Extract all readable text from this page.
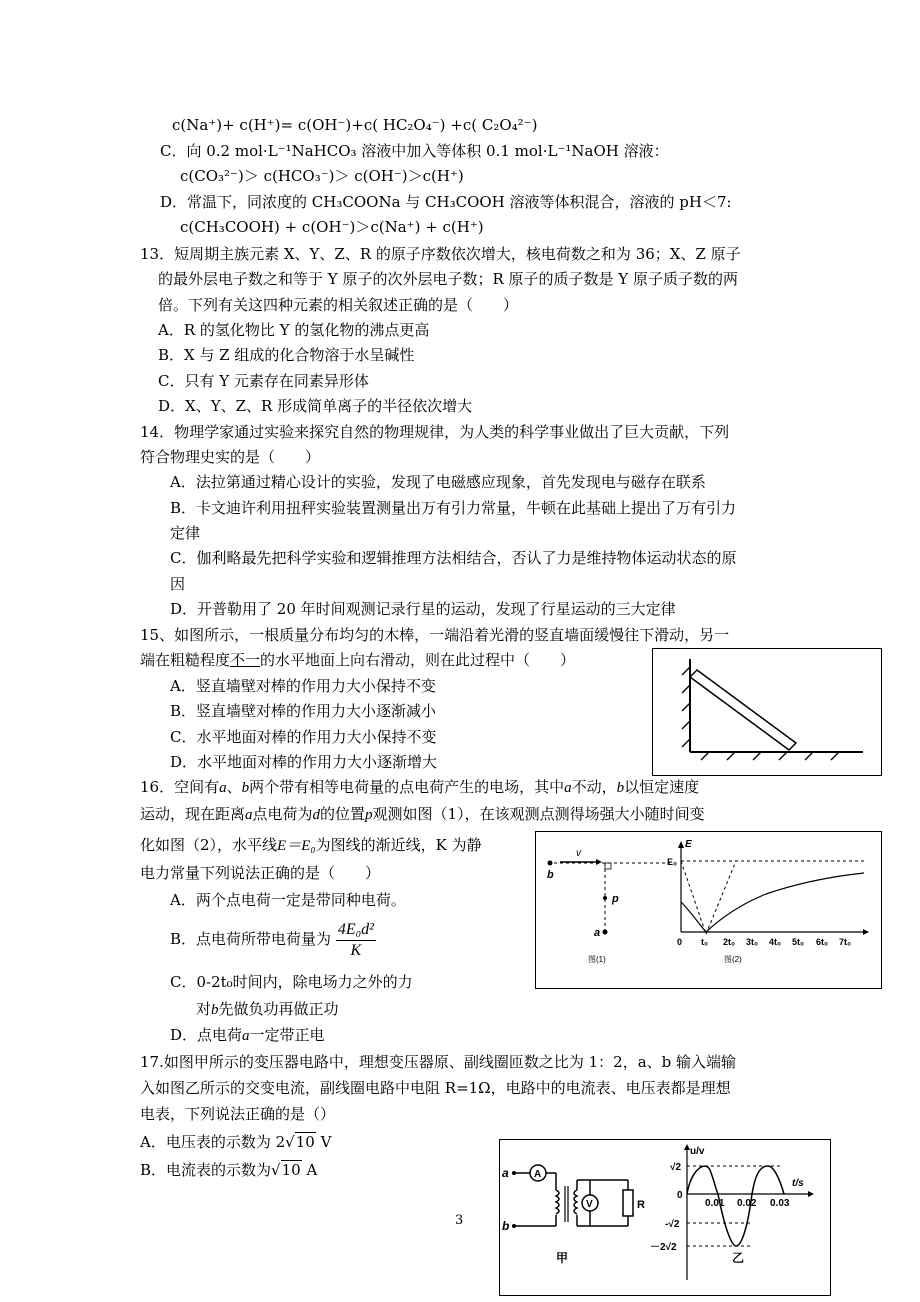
c(Na⁺)+ c(H⁺)= c(OH⁻)+c( HC₂O₄⁻) +c( C₂O₄²⁻)
C．向 0.2 mol·L⁻¹NaHCO₃ 溶液中加入等体积 0.1 mol·L⁻¹NaOH 溶液：
c(CO₃²⁻)＞ c(HCO₃⁻)＞ c(OH⁻)＞c(H⁺)
D．常温下，同浓度的 CH₃COONa 与 CH₃COOH 溶液等体积混合，溶液的 pH＜7:
c(CH₃COOH) + c(OH⁻)＞c(Na⁺) + c(H⁺)
13．短周期主族元素 X、Y、Z、R 的原子序数依次增大，核电荷数之和为 36；X、Z 原子
的最外层电子数之和等于 Y 原子的次外层电子数；R 原子的质子数是 Y 原子质子数的两
倍。下列有关这四种元素的相关叙述正确的是（　　）
A．R 的氢化物比 Y 的氢化物的沸点更高
B．X 与 Z 组成的化合物溶于水呈碱性
C．只有 Y 元素存在同素异形体
D．X、Y、Z、R 形成简单离子的半径依次增大
14．物理学家通过实验来探究自然的物理规律，为人类的科学事业做出了巨大贡献，下列
符合物理史实的是（　　）
A．法拉第通过精心设计的实验，发现了电磁感应现象，首先发现电与磁存在联系
B．卡文迪许利用扭秤实验装置测量出万有引力常量，牛顿在此基础上提出了万有引力
定律
C．伽利略最先把科学实验和逻辑推理方法相结合，否认了力是维持物体运动状态的原
因
D．开普勒用了 20 年时间观测记录行星的运动，发现了行星运动的三大定律
15、如图所示，一根质量分布均匀的木棒，一端沿着光滑的竖直墙面缓慢往下滑动，另一
端在粗糙程度不一的水平地面上向右滑动，则在此过程中（　　）
A．竖直墙壁对棒的作用力大小保持不变
B．竖直墙壁对棒的作用力大小逐渐减小
C．水平地面对棒的作用力大小保持不变
D．水平地面对棒的作用力大小逐渐增大
16．空间有a、b两个带有相等电荷量的点电荷产生的电场，其中a不动，b以恒定速度
运动，现在距离a点电荷为d的位置p观测如图（1），在该观测点测得场强大小随时间变
化如图（2），水平线E＝E₀为图线的渐近线，K 为静
电力常量下列说法正确的是（　　）
A．两个点电荷一定是带同种电荷。
B．点电荷所带电荷量为 $\frac{\text{4E₀d²}}{K}$
C．0-2t₀时间内，除电场力之外的力
对b先做负功再做正功
D．点电荷a一定带正电
v
b
p
a
图(1)
E
E₀
0 t₀ 2t₀ 3t₀ 4t₀ 5t₀ 6t₀ 7t₀
图(2)
17.如图甲所示的变压器电路中，理想变压器原、副线圈匝数之比为 1：2，a、b 输入端输
入如图乙所示的交变电流，副线圈电路中电阻 R=1Ω，电路中的电流表、电压表都是理想
电表，下列说法正确的是（）
A．电压表的示数为 2√10 V
B．电流表的示数为√10 A	a
b
A
V	R
甲
u/v
t/s
√2
0
-√2
－2√2
0.01 0.02 0.03
乙
3
